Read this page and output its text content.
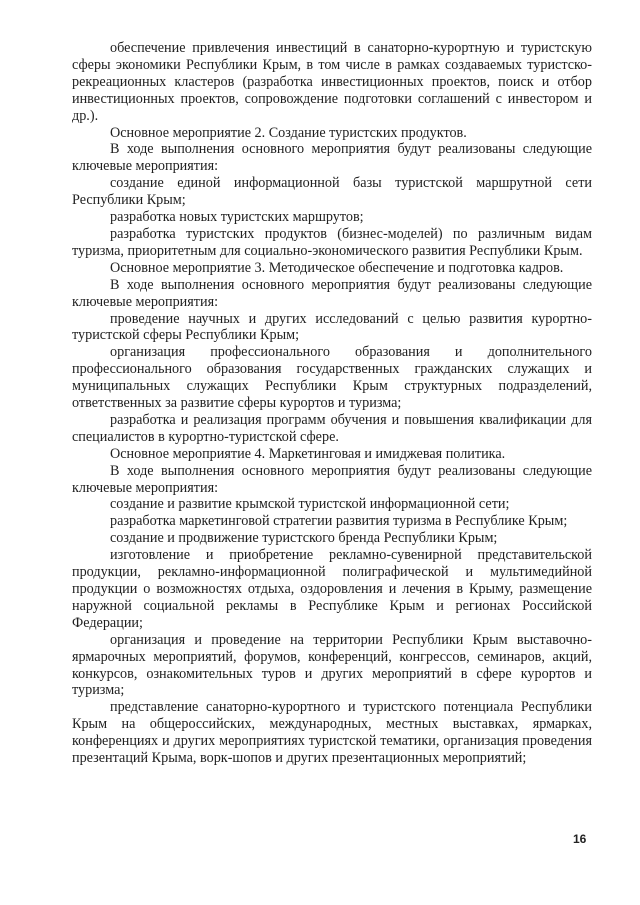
обеспечение привлечения инвестиций в санаторно-курортную и туристскую сферы экономики Республики Крым, в том числе в рамках создаваемых туристско-рекреационных кластеров (разработка инвестиционных проектов, поиск и отбор инвестиционных проектов, сопровождение подготовки соглашений с инвестором и др.).

Основное мероприятие 2. Создание туристских продуктов.

В ходе выполнения основного мероприятия будут реализованы следующие ключевые мероприятия:

создание единой информационной базы туристской маршрутной сети Республики Крым;

разработка новых туристских маршрутов;

разработка туристских продуктов (бизнес-моделей) по различным видам туризма, приоритетным для социально-экономического развития Республики Крым.

Основное мероприятие 3. Методическое обеспечение и подготовка кадров.

В ходе выполнения основного мероприятия будут реализованы следующие ключевые мероприятия:

проведение научных и других исследований с целью развития курортно-туристской сферы Республики Крым;

организация профессионального образования и дополнительного профессионального образования государственных гражданских служащих и муниципальных служащих Республики Крым структурных подразделений, ответственных за развитие сферы курортов и туризма;

разработка и реализация программ обучения и повышения квалификации для специалистов в курортно-туристской сфере.

Основное мероприятие 4. Маркетинговая и имиджевая политика.

В ходе выполнения основного мероприятия будут реализованы следующие ключевые мероприятия:

создание и развитие крымской туристской информационной сети;

разработка маркетинговой стратегии развития туризма в Республике Крым;

создание и продвижение туристского бренда Республики Крым;

изготовление и приобретение рекламно-сувенирной представительской продукции, рекламно-информационной полиграфической и мультимедийной продукции о возможностях отдыха, оздоровления и лечения в Крыму, размещение наружной социальной рекламы в Республике Крым и регионах Российской Федерации;

организация и проведение на территории Республики Крым выставочно-ярмарочных мероприятий, форумов, конференций, конгрессов, семинаров, акций, конкурсов, ознакомительных туров и других мероприятий в сфере курортов и туризма;

представление санаторно-курортного и туристского потенциала Республики Крым на общероссийских, международных, местных выставках, ярмарках, конференциях и других мероприятиях туристской тематики, организация проведения презентаций Крыма, ворк-шопов и других презентационных мероприятий;

16
